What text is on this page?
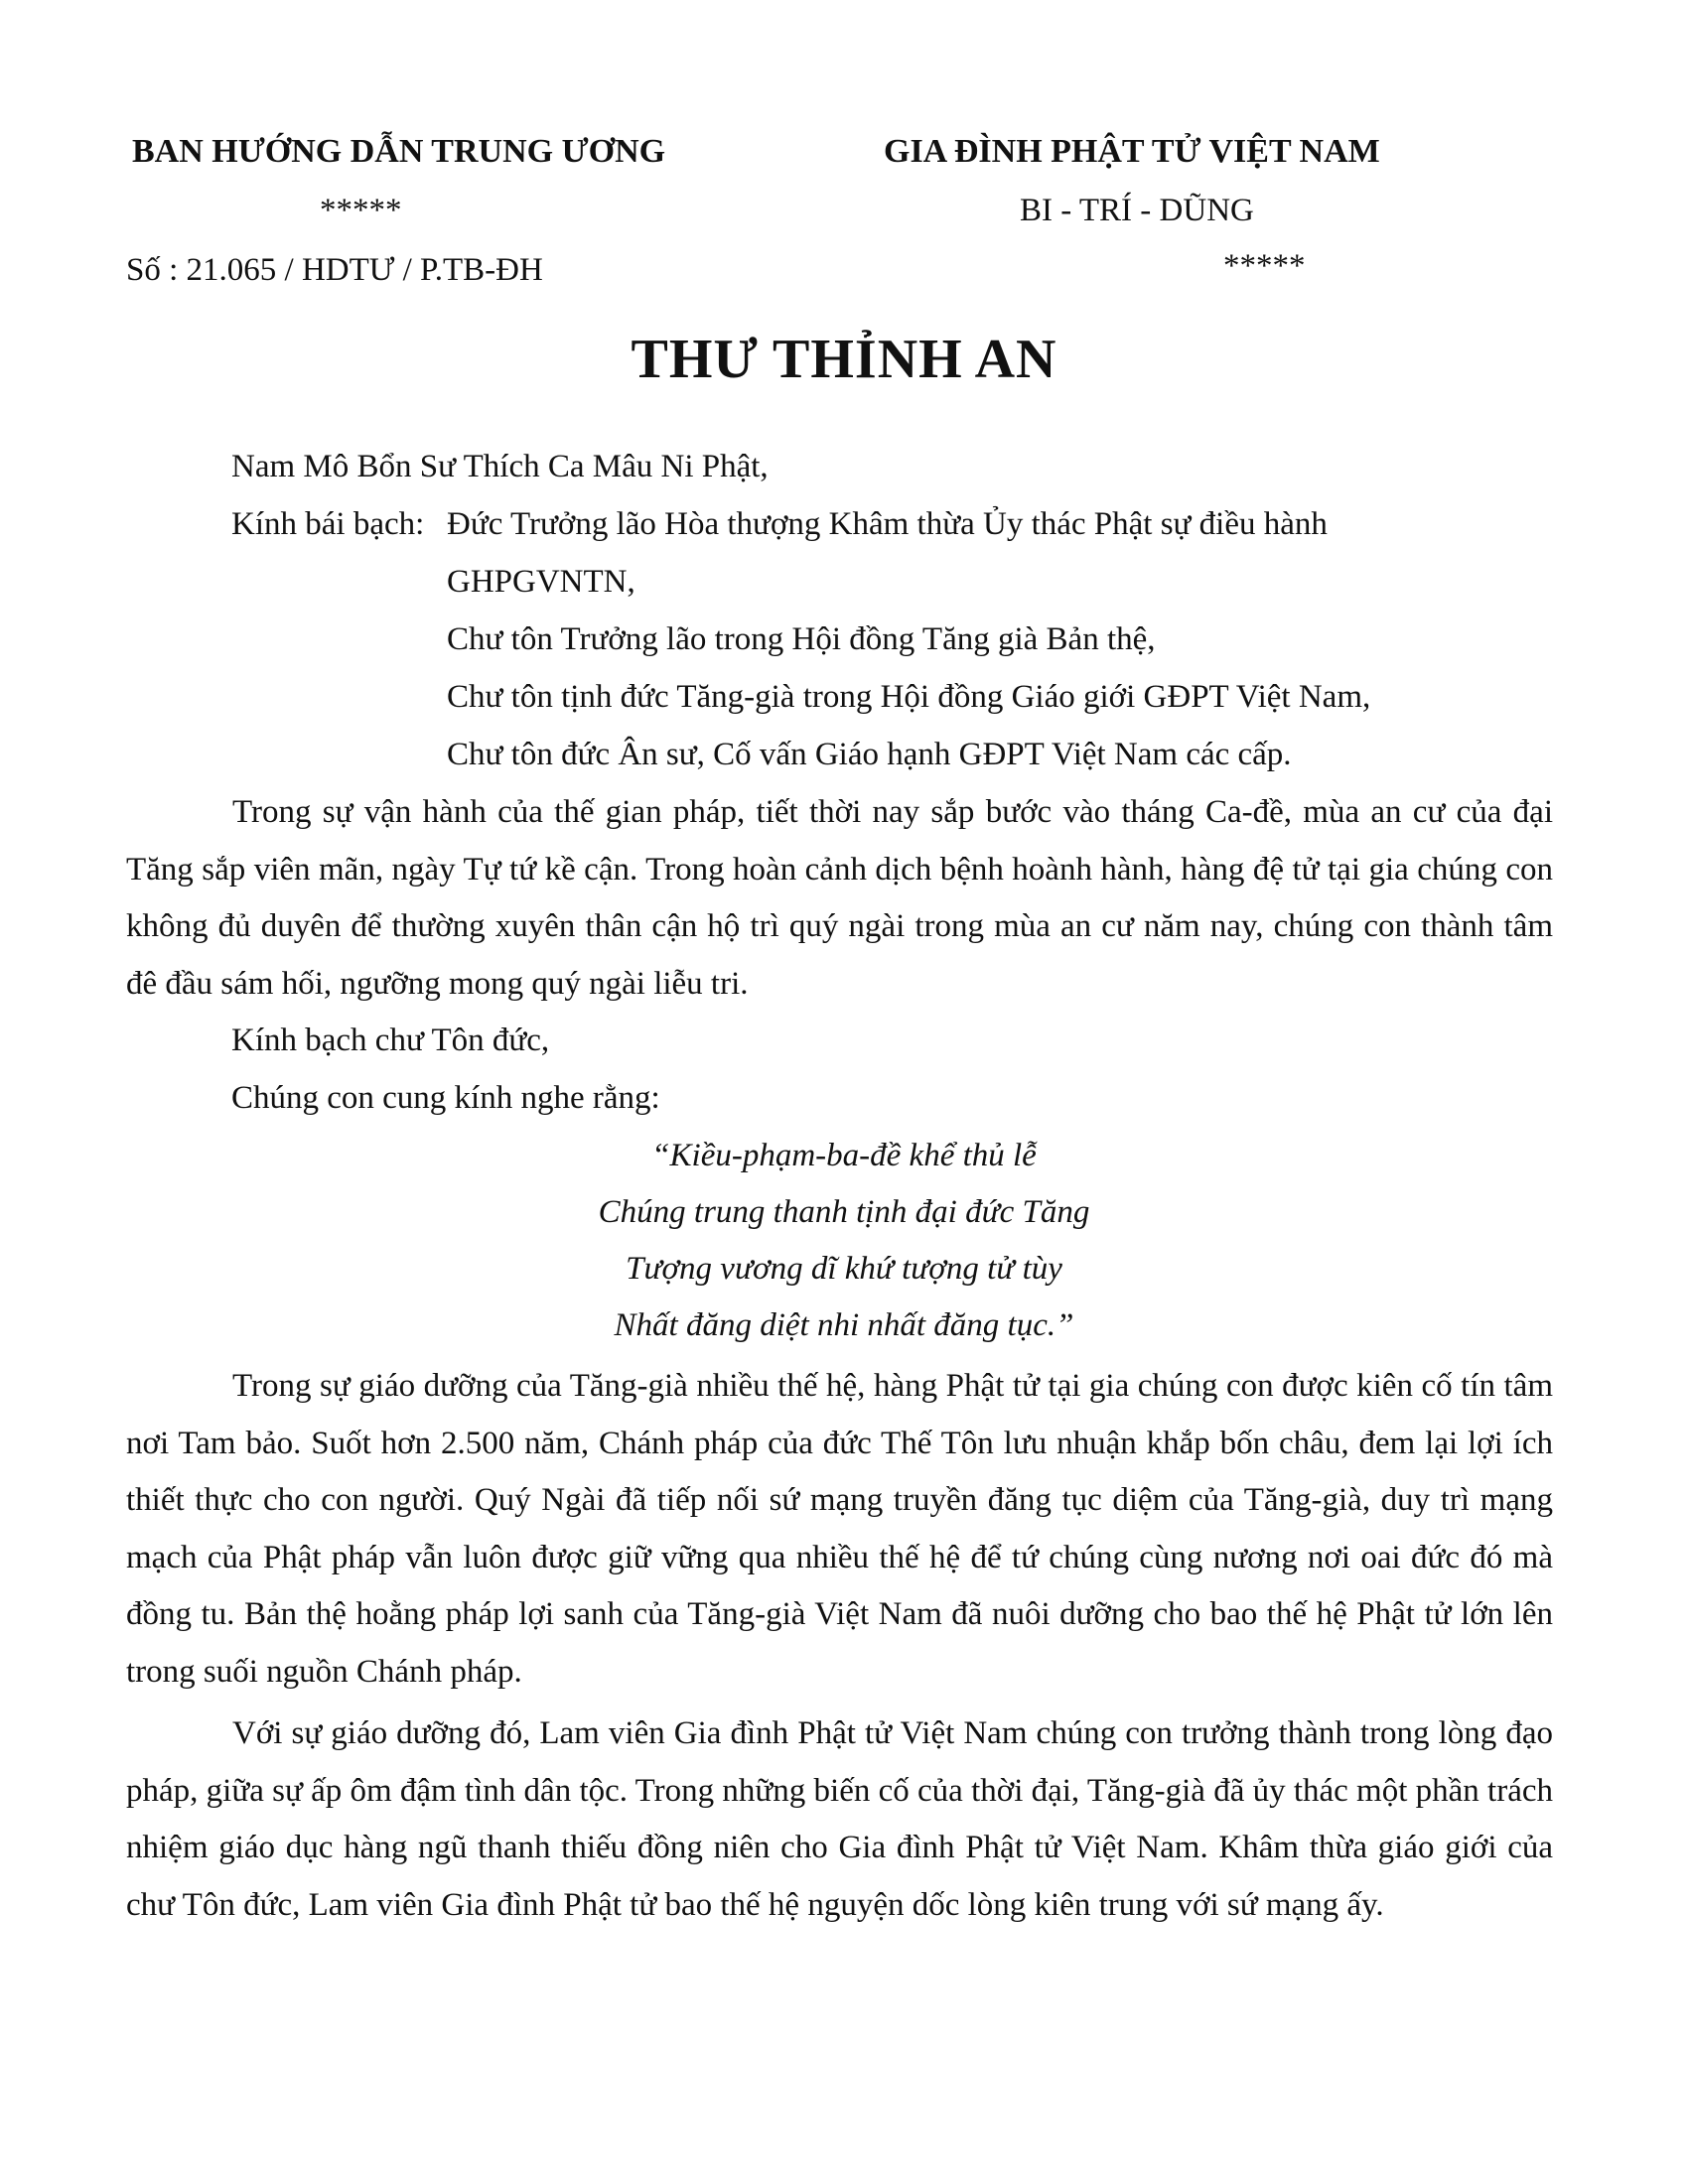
BAN HƯỚNG DẪN TRUNG ƯƠNG
*****
Số : 21.065 / HDTƯ / P.TB-ĐH
GIA ĐÌNH PHẬT TỬ VIỆT NAM
BI - TRÍ - DŨNG
*****
THƯ THỈNH AN
Nam Mô Bổn Sư Thích Ca Mâu Ni Phật,
Kính bái bạch: Đức Trưởng lão Hòa thượng Khâm thừa Ủy thác Phật sự điều hành
GHPGVNTN,
Chư tôn Trưởng lão trong Hội đồng Tăng già Bản thệ,
Chư tôn tịnh đức Tăng-già trong Hội đồng Giáo giới GĐPT Việt Nam,
Chư tôn đức Ân sư, Cố vấn Giáo hạnh GĐPT Việt Nam các cấp.
Trong sự vận hành của thế gian pháp, tiết thời nay sắp bước vào tháng Ca-đề, mùa an cư của đại Tăng sắp viên mãn, ngày Tự tứ kề cận. Trong hoàn cảnh dịch bệnh hoành hành, hàng đệ tử tại gia chúng con không đủ duyên để thường xuyên thân cận hộ trì quý ngài trong mùa an cư năm nay, chúng con thành tâm đê đầu sám hối, ngưỡng mong quý ngài liễu tri.
Kính bạch chư Tôn đức,
Chúng con cung kính nghe rằng:
“Kiều-phạm-ba-đề khể thủ lễ
Chúng trung thanh tịnh đại đức Tăng
Tượng vương dĩ khứ tượng tử tùy
Nhất đăng diệt nhi nhất đăng tục.”
Trong sự giáo dưỡng của Tăng-già nhiều thế hệ, hàng Phật tử tại gia chúng con được kiên cố tín tâm nơi Tam bảo. Suốt hơn 2.500 năm, Chánh pháp của đức Thế Tôn lưu nhuận khắp bốn châu, đem lại lợi ích thiết thực cho con người. Quý Ngài đã tiếp nối sứ mạng truyền đăng tục diệm của Tăng-già, duy trì mạng mạch của Phật pháp vẫn luôn được giữ vững qua nhiều thế hệ để tứ chúng cùng nương nơi oai đức đó mà đồng tu. Bản thệ hoằng pháp lợi sanh của Tăng-già Việt Nam đã nuôi dưỡng cho bao thế hệ Phật tử lớn lên trong suối nguồn Chánh pháp.
Với sự giáo dưỡng đó, Lam viên Gia đình Phật tử Việt Nam chúng con trưởng thành trong lòng đạo pháp, giữa sự ấp ôm đậm tình dân tộc. Trong những biến cố của thời đại, Tăng-già đã ủy thác một phần trách nhiệm giáo dục hàng ngũ thanh thiếu đồng niên cho Gia đình Phật tử Việt Nam. Khâm thừa giáo giới của chư Tôn đức, Lam viên Gia đình Phật tử bao thế hệ nguyện dốc lòng kiên trung với sứ mạng ấy.
